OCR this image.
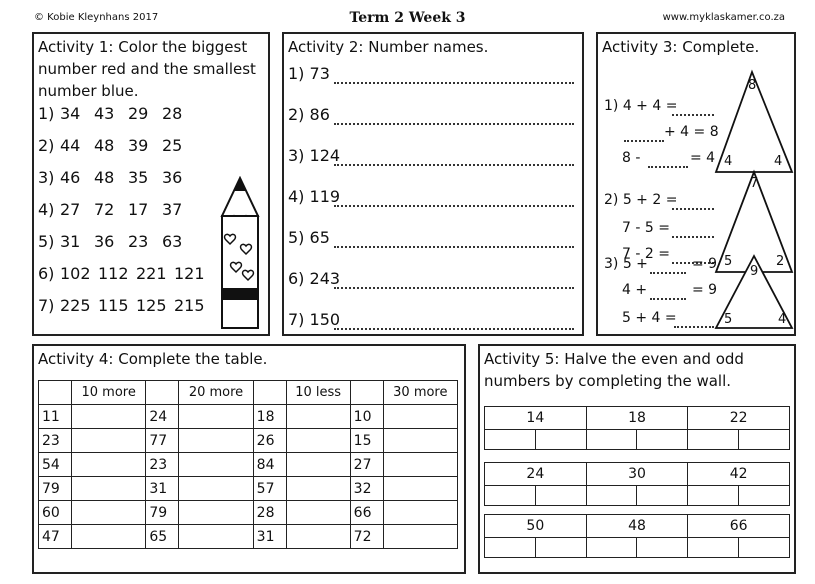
© Kobie Kleynhans 2017	Term 2 Week 3	www.myklaskamer.co.za
Activity 1: Color the biggest number red and the smallest number blue.
1) 34 43 29 28
2) 44 48 39 25
3) 46 48 35 36
4) 27 72 17 37
5) 31 36 23 63
6) 102 112 221 121
7) 225 115 125 215
Activity 2: Number names.
1) 73
2) 86
3) 124
4) 119
5) 65
6) 243
7) 150
Activity 3: Complete.
1) 4 + 4 =
+ 4 = 8
8 -	= 4
8
4	4
2) 5 + 2 =
7 - 5 =
7 - 2 =
7
5	2
3) 5 +	= 9
4 +	= 9
5 + 4 =
9
5	4
Activity 4: Complete the table.
	10 more		20 more		10 less		30 more
11		24		18		10	
23		77		26		15	
54		23		84		27	
79		31		57		32	
60		79		28		66	
47		65		31		72	
Activity 5: Halve the even and odd numbers by completing the wall.
14	18	22
24	30	42
50	48	66
